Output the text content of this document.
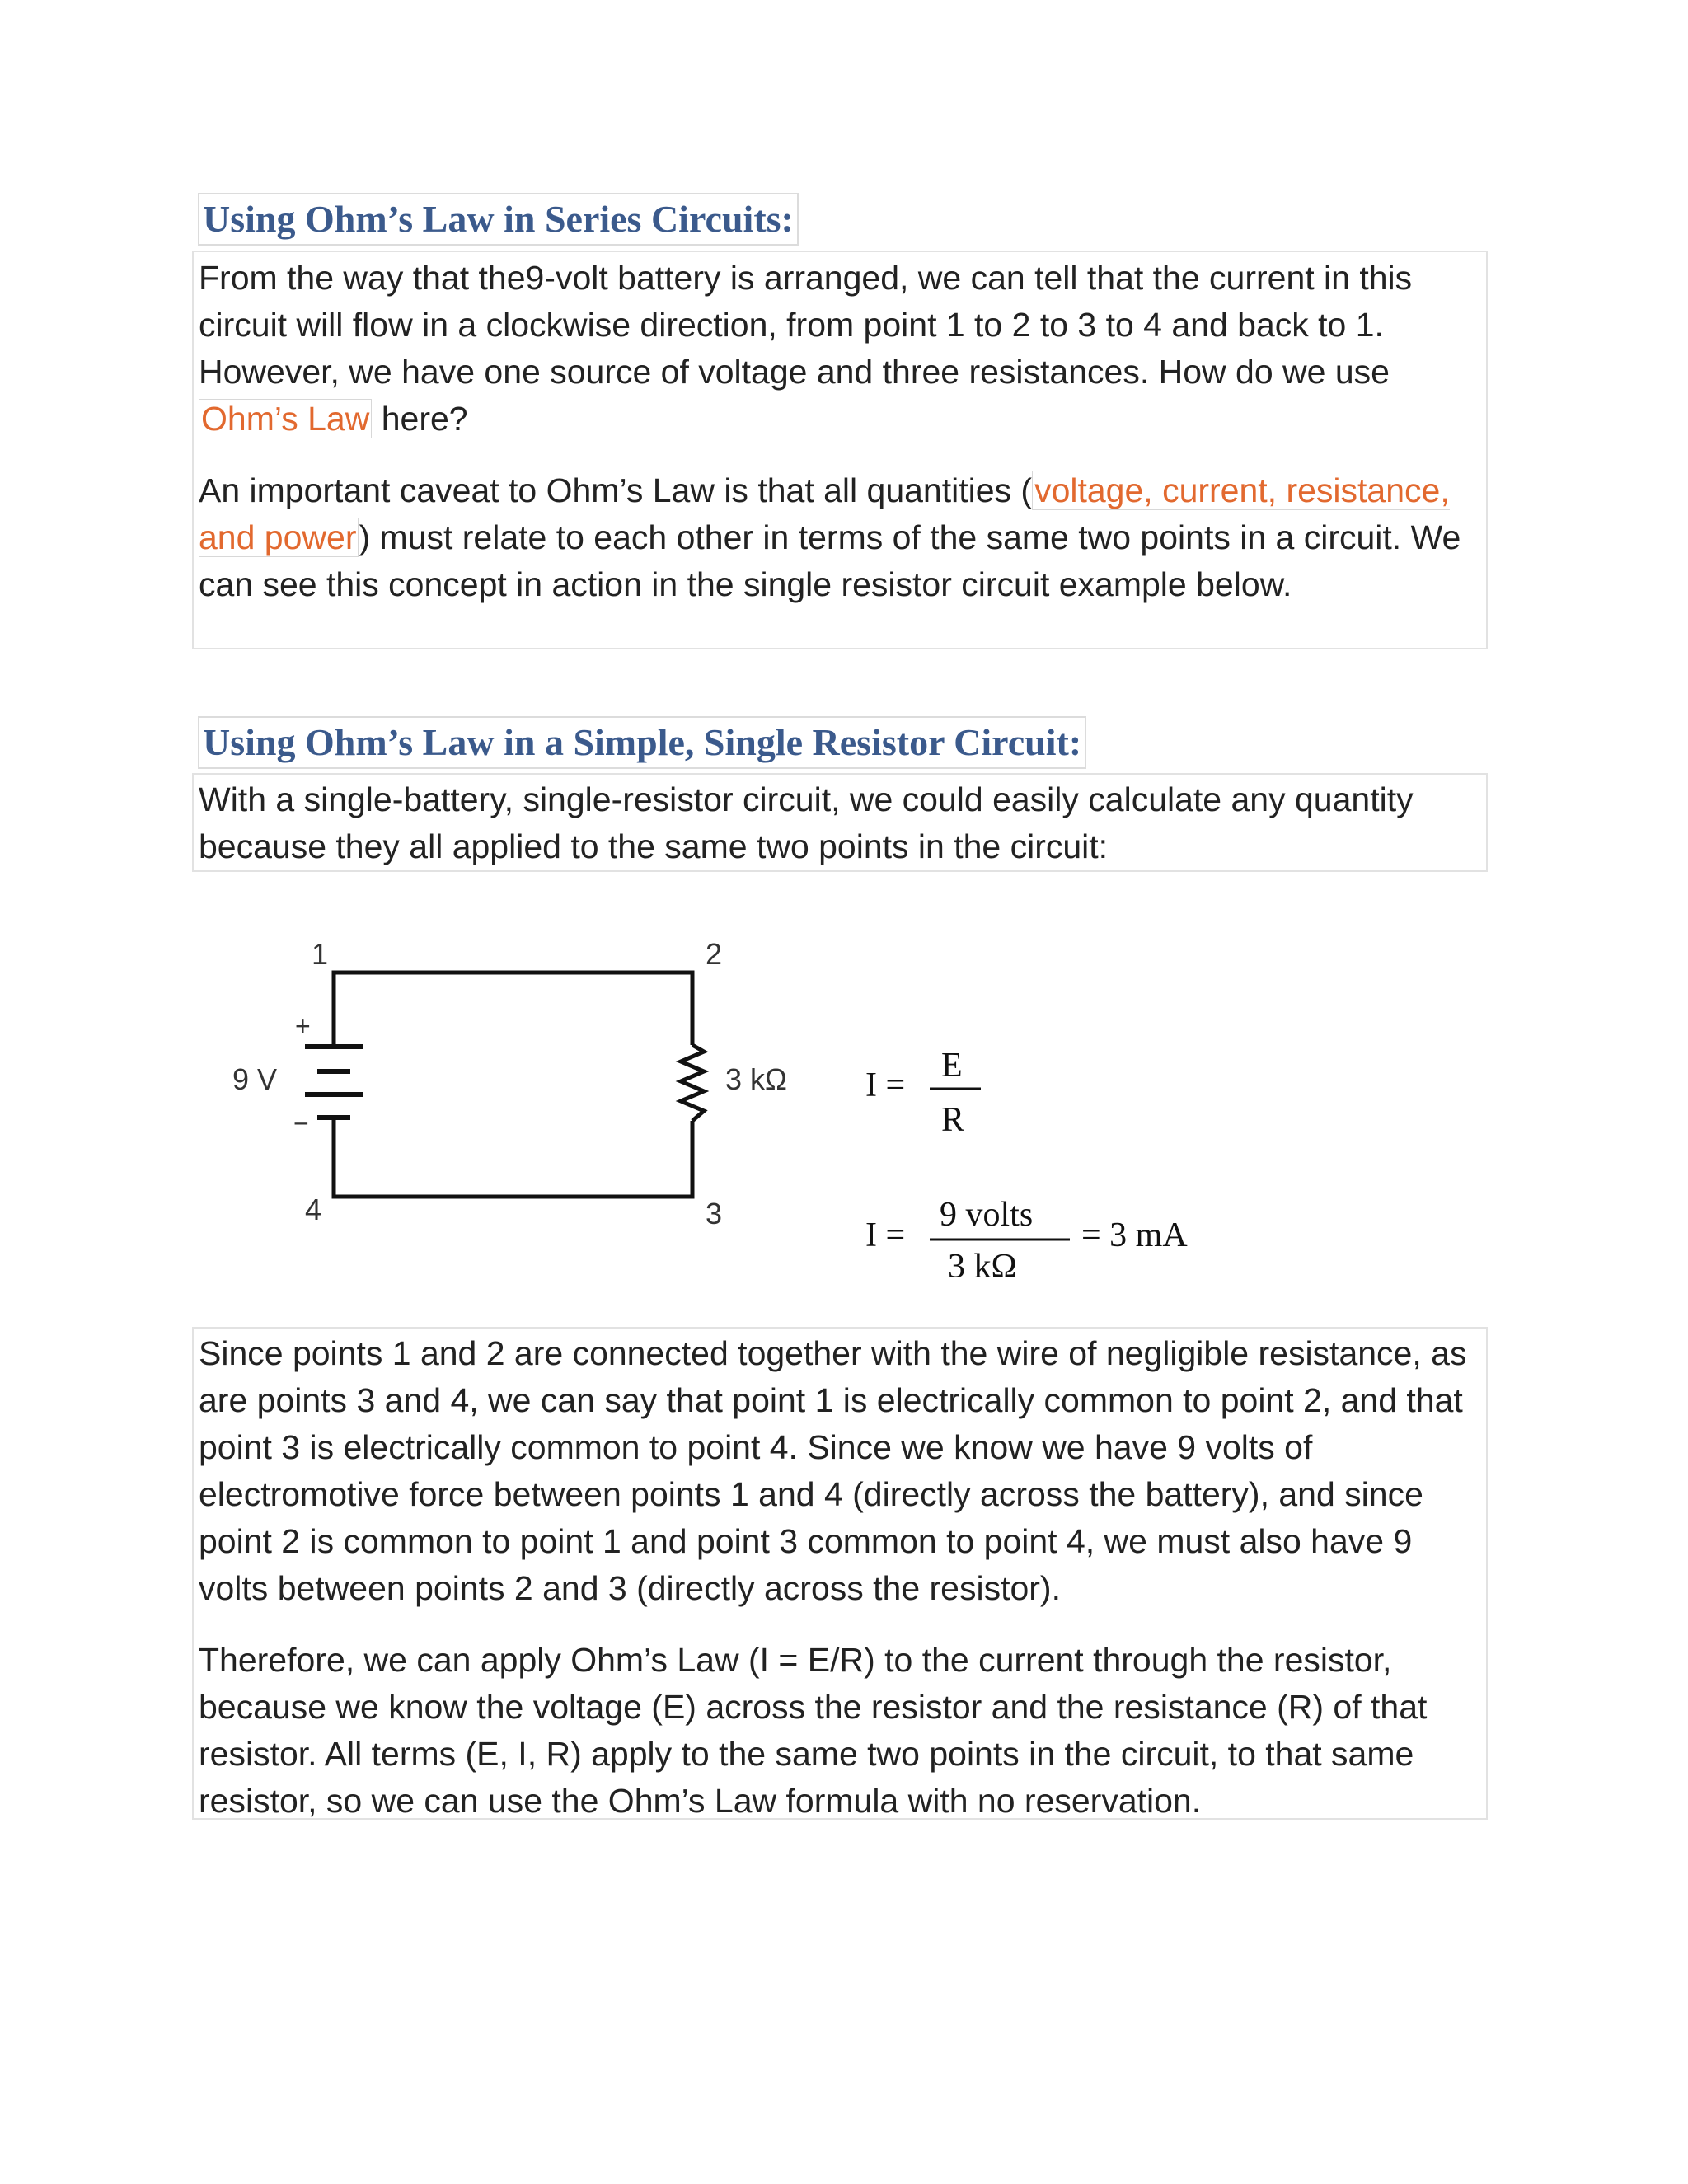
Using Ohm’s Law in Series Circuits:

From the way that the9-volt battery is arranged, we can tell that the current in this circuit will flow in a clockwise direction, from point 1 to 2 to 3 to 4 and back to 1. However, we have one source of voltage and three resistances. How do we use Ohm’s Law here?

An important caveat to Ohm’s Law is that all quantities (voltage, current, resistance, and power) must relate to each other in terms of the same two points in a circuit. We can see this concept in action in the single resistor circuit example below.

Using Ohm’s Law in a Simple, Single Resistor Circuit:

With a single-battery, single-resistor circuit, we could easily calculate any quantity because they all applied to the same two points in the circuit:

1	2
3
4
9 V
+
−
3 kΩ I =
E
R
I =
9 volts
3 kΩ
= 3 mA

Since points 1 and 2 are connected together with the wire of negligible resistance, as are points 3 and 4, we can say that point 1 is electrically common to point 2, and that point 3 is electrically common to point 4. Since we know we have 9 volts of electromotive force between points 1 and 4 (directly across the battery), and since point 2 is common to point 1 and point 3 common to point 4, we must also have 9 volts between points 2 and 3 (directly across the resistor).

Therefore, we can apply Ohm’s Law (I = E/R) to the current through the resistor, because we know the voltage (E) across the resistor and the resistance (R) of that resistor. All terms (E, I, R) apply to the same two points in the circuit, to that same resistor, so we can use the Ohm’s Law formula with no reservation.
